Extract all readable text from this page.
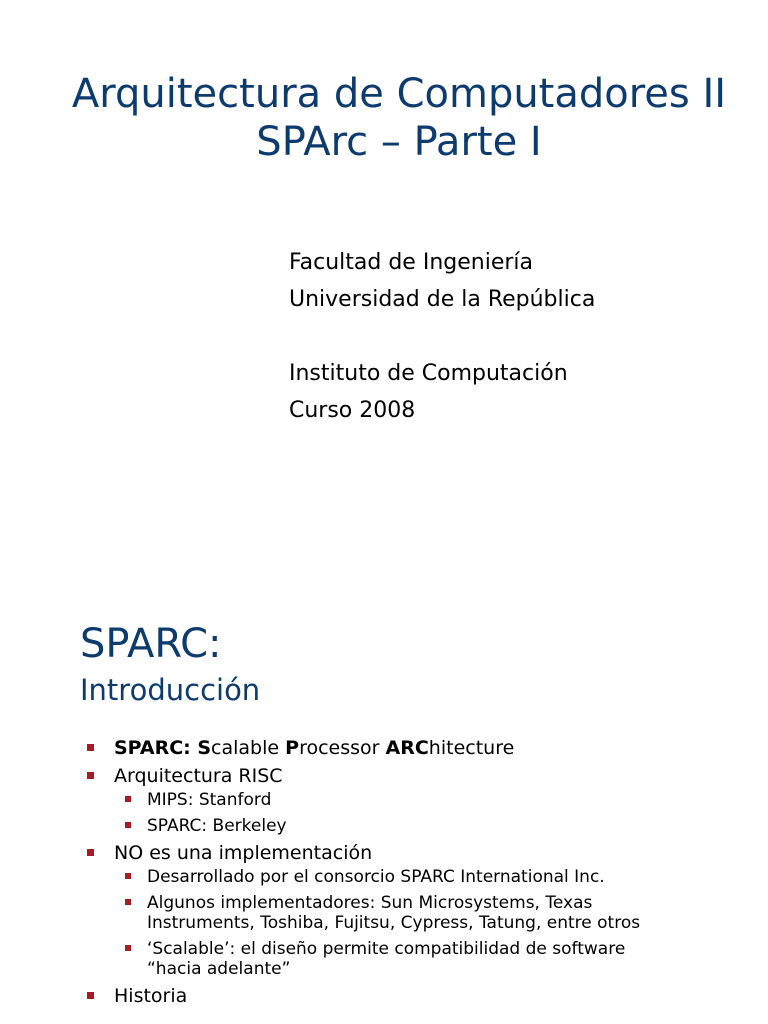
Arquitectura de Computadores II
SPArc – Parte I
Facultad de Ingeniería
Universidad de la República
Instituto de Computación
Curso 2008
SPARC:
Introducción
SPARC: Scalable Processor ARChitecture
Arquitectura RISC
MIPS: Stanford
SPARC: Berkeley
NO es una implementación
Desarrollado por el consorcio SPARC International Inc.
Algunos implementadores: Sun Microsystems, Texas
Instruments, Toshiba, Fujitsu, Cypress, Tatung, entre otros
‘Scalable’: el diseño permite compatibilidad de software
“hacia adelante”
Historia
